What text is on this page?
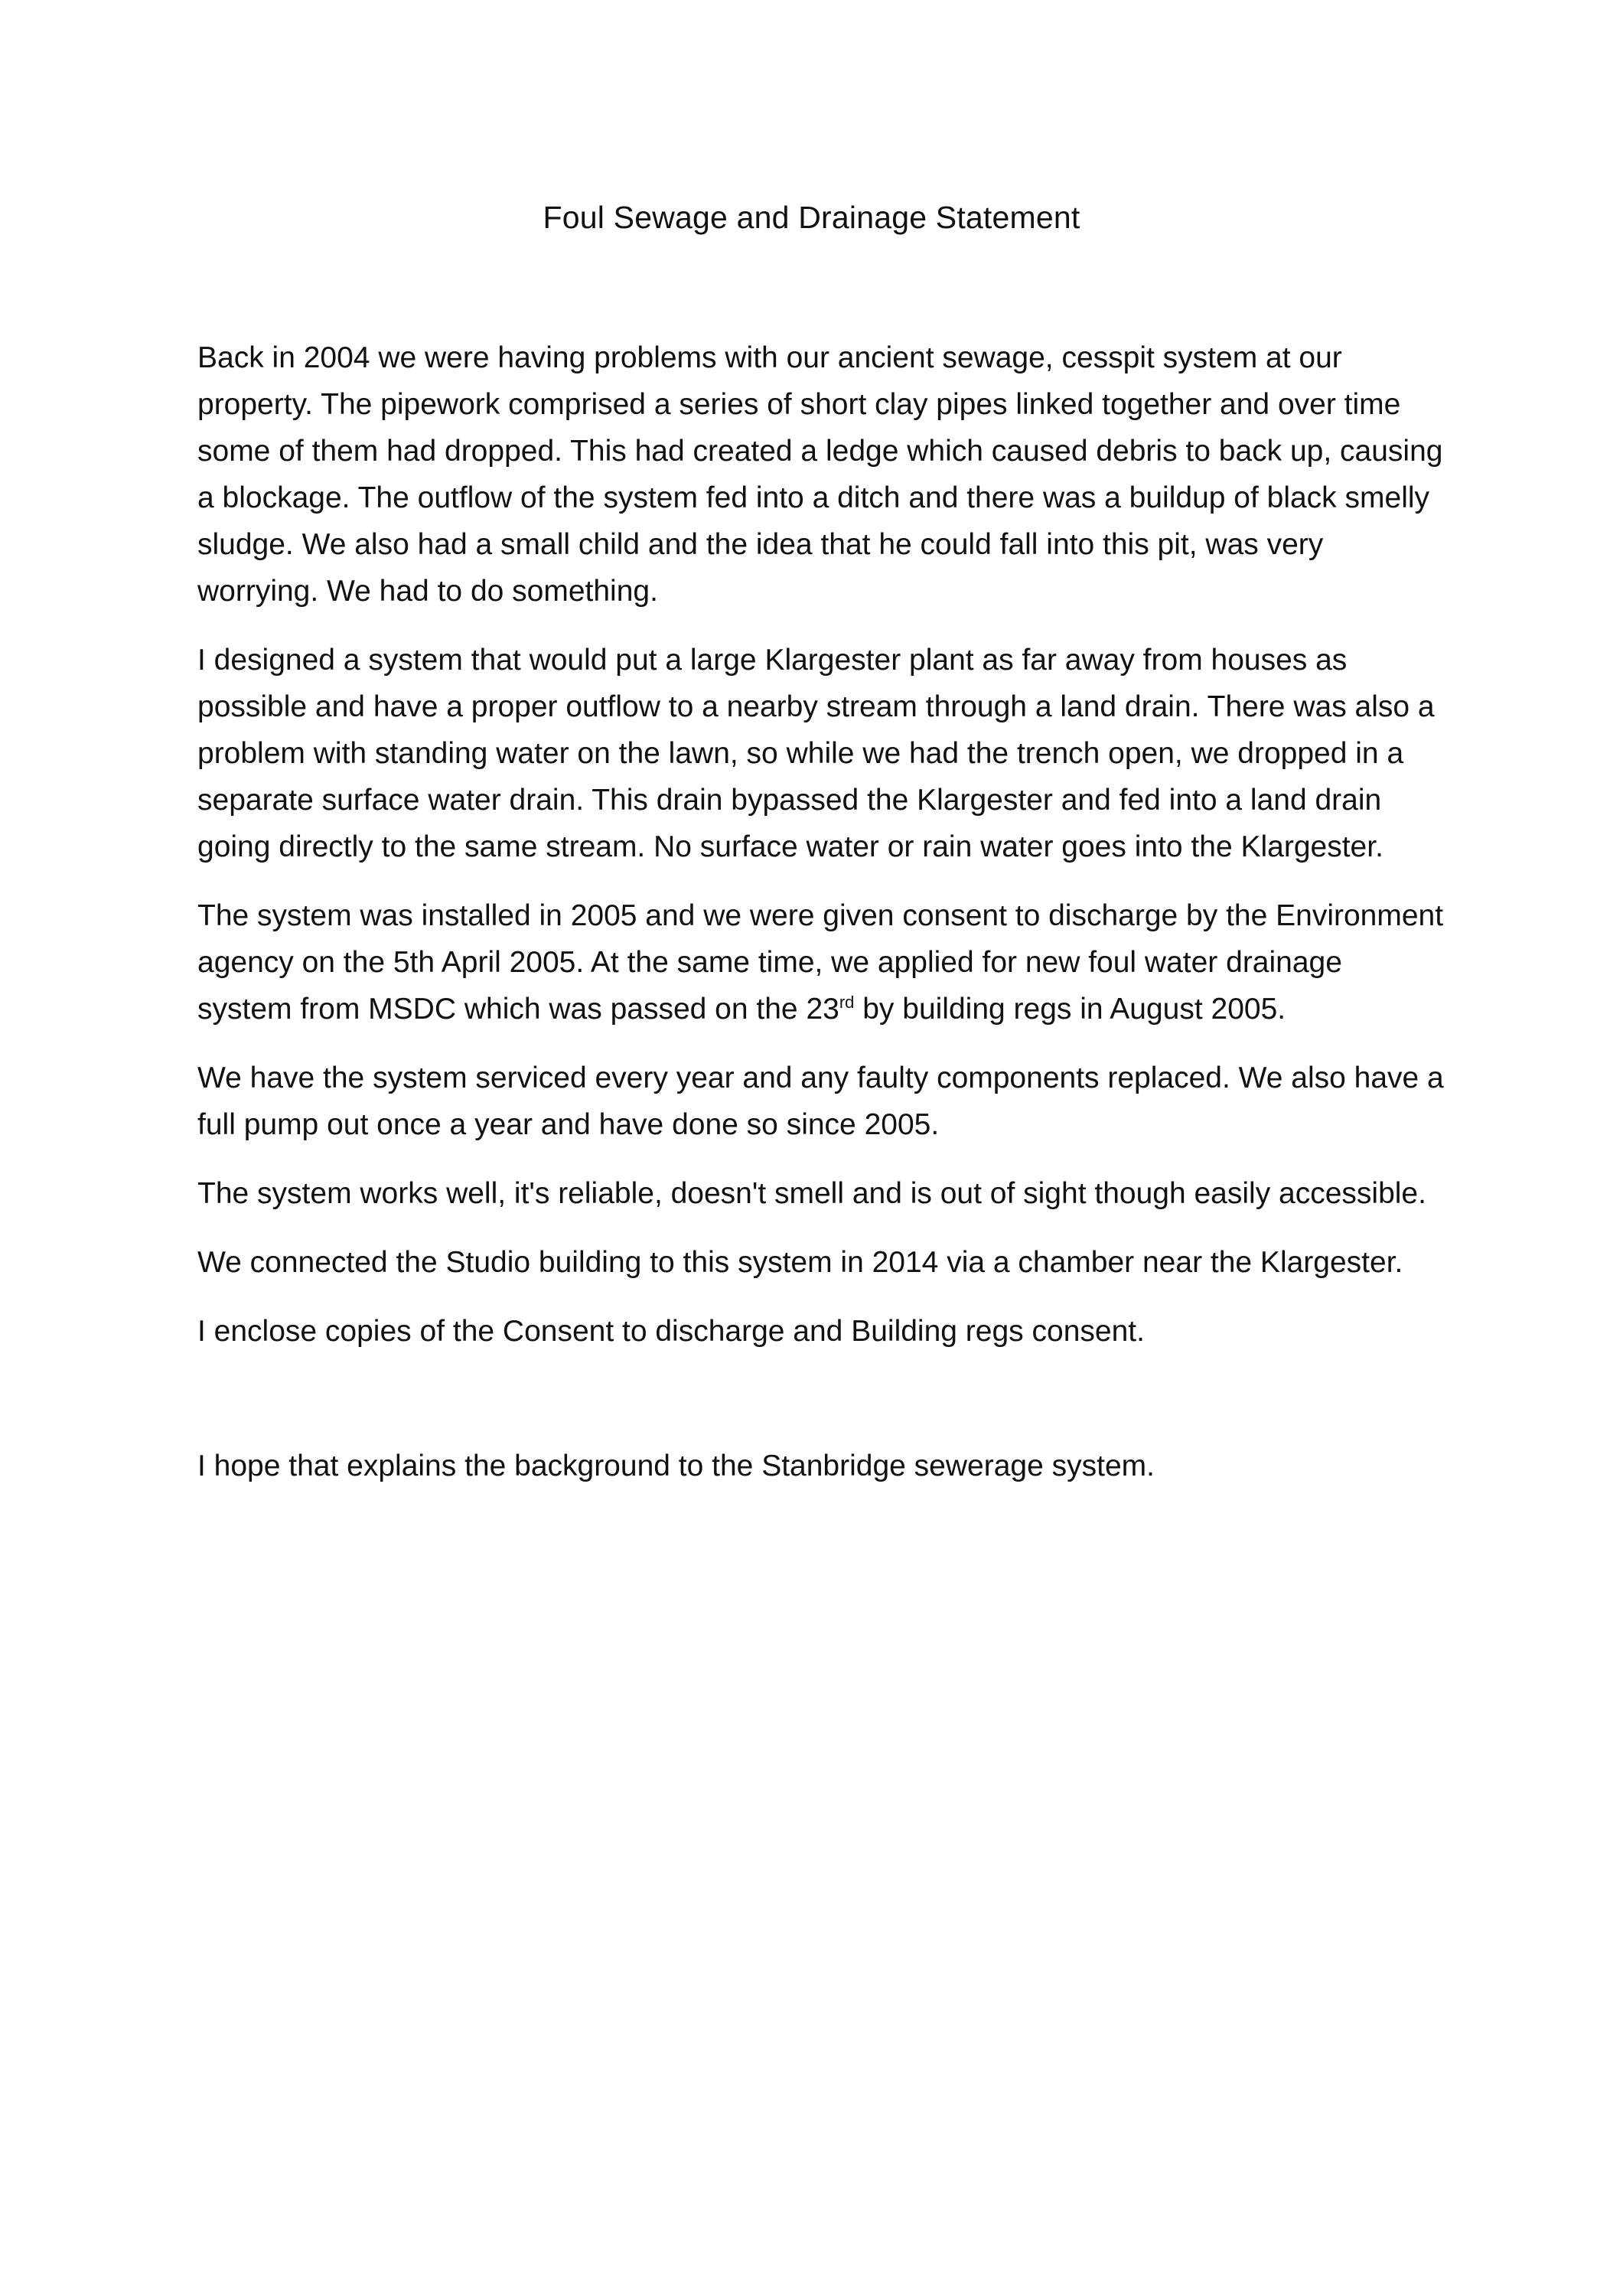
Foul Sewage and Drainage Statement

Back in 2004 we were having problems with our ancient sewage, cesspit system at our property. The pipework comprised a series of short clay pipes linked together and over time some of them had dropped. This had created a ledge which caused debris to back up, causing a blockage. The outflow of the system fed into a ditch and there was a buildup of black smelly sludge. We also had a small child and the idea that he could fall into this pit, was very worrying. We had to do something.

I designed a system that would put a large Klargester plant as far away from houses as possible and have a proper outflow to a nearby stream through a land drain. There was also a problem with standing water on the lawn, so while we had the trench open, we dropped in a separate surface water drain. This drain bypassed the Klargester and fed into a land drain going directly to the same stream. No surface water or rain water goes into the Klargester.

The system was installed in 2005 and we were given consent to discharge by the Environment agency on the 5th April 2005. At the same time, we applied for new foul water drainage system from MSDC which was passed on the 23rd by building regs in August 2005.

We have the system serviced every year and any faulty components replaced. We also have a full pump out once a year and have done so since 2005.

The system works well, it's reliable, doesn't smell and is out of sight though easily accessible.

We connected the Studio building to this system in 2014 via a chamber near the Klargester.

I enclose copies of the Consent to discharge and Building regs consent.

I hope that explains the background to the Stanbridge sewerage system.
